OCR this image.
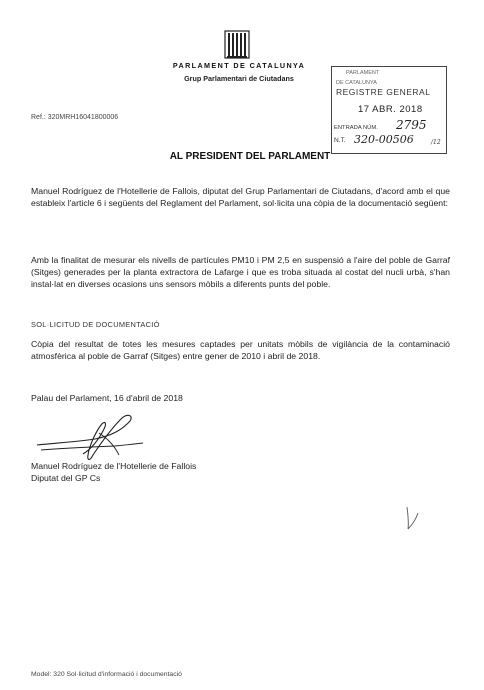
PARLAMENT DE CATALUNYA
Grup Parlamentari de Ciutadans
PARLAMENT
DE CATALUNYA
REGISTRE GENERAL
17 ABR. 2018
ENTRADA NÚM. 2795
N.T. 320-00506	/12
Ref.: 320MRH16041800006
AL PRESIDENT DEL PARLAMENT
Manuel Rodríguez de l'Hotellerie de Fallois, diputat del Grup Parlamentari de Ciutadans, d'acord amb el que estableix l'article 6 i següents del Reglament del Parlament, sol·licita una còpia de la documentació següent:
Amb la finalitat de mesurar els nivells de partícules PM10 i PM 2,5 en suspensió a l'aire del poble de Garraf (Sitges) generades per la planta extractora de Lafarge i que es troba situada al costat del nucli urbà, s'han instal·lat en diverses ocasions uns sensors mòbils a diferents punts del poble.
SOL·LICITUD DE DOCUMENTACIÓ
Còpia del resultat de totes les mesures captades per unitats mòbils de vigilància de la contaminació atmosfèrica al poble de Garraf (Sitges) entre gener de 2010 i abril de 2018.
Palau del Parlament, 16 d'abril de 2018
Manuel Rodríguez de l'Hotellerie de Fallois
Diputat del GP Cs
Model: 320 Sol·licitud d'informació i documentació
